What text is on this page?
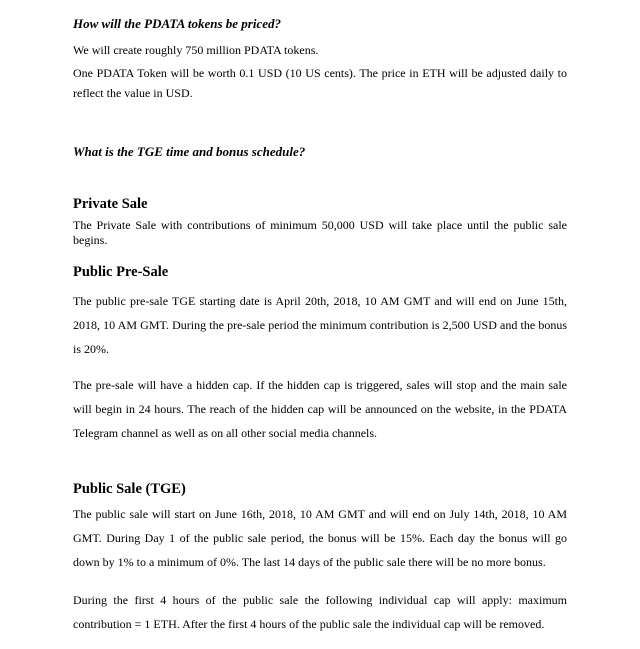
How will the PDATA tokens be priced?
We will create roughly 750 million PDATA tokens.

One PDATA Token will be worth 0.1 USD (10 US cents). The price in ETH will be adjusted daily to reflect the value in USD.

What is the TGE time and bonus schedule?
Private Sale

The Private Sale with contributions of minimum 50,000 USD will take place until the public sale begins.

Public Pre-Sale

The public pre-sale TGE starting date is April 20th, 2018, 10 AM GMT and will end on June 15th, 2018, 10 AM GMT. During the pre-sale period the minimum contribution is 2,500 USD and the bonus is 20%.

The pre-sale will have a hidden cap. If the hidden cap is triggered, sales will stop and the main sale will begin in 24 hours. The reach of the hidden cap will be announced on the website, in the PDATA Telegram channel as well as on all other social media channels.

Public Sale (TGE)

The public sale will start on June 16th, 2018, 10 AM GMT and will end on July 14th, 2018, 10 AM GMT. During Day 1 of the public sale period, the bonus will be 15%. Each day the bonus will go down by 1% to a minimum of 0%. The last 14 days of the public sale there will be no more bonus.

During the first 4 hours of the public sale the following individual cap will apply: maximum contribution = 1 ETH. After the first 4 hours of the public sale the individual cap will be removed.
